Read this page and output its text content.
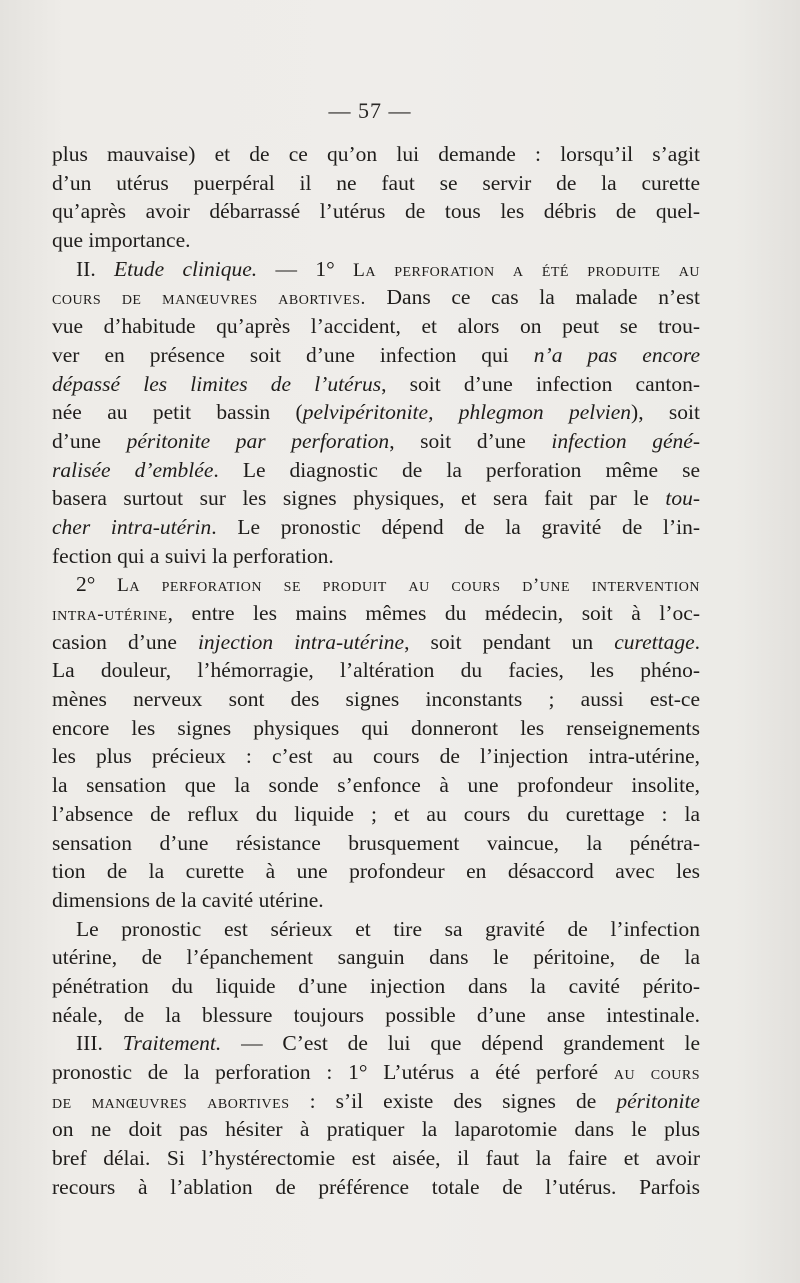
— 57 —
plus mauvaise) et de ce qu’on lui demande : lorsqu’il s’agit
d’un utérus puerpéral il ne faut se servir de la curette
qu’après avoir débarrassé l’utérus de tous les débris de quel-
que importance.
II. Etude clinique. — 1° La perforation a été produite au
cours de manœuvres abortives. Dans ce cas la malade n’est
vue d’habitude qu’après l’accident, et alors on peut se trou-
ver en présence soit d’une infection qui n’a pas encore
dépassé les limites de l’utérus, soit d’une infection canton-
née au petit bassin (pelvipéritonite, phlegmon pelvien), soit
d’une péritonite par perforation, soit d’une infection géné-
ralisée d’emblée. Le diagnostic de la perforation même se
basera surtout sur les signes physiques, et sera fait par le tou-
cher intra-utérin. Le pronostic dépend de la gravité de l’in-
fection qui a suivi la perforation.
2° La perforation se produit au cours d’une intervention
intra-utérine, entre les mains mêmes du médecin, soit à l’oc-
casion d’une injection intra-utérine, soit pendant un curettage.
La douleur, l’hémorragie, l’altération du facies, les phéno-
mènes nerveux sont des signes inconstants ; aussi est-ce
encore les signes physiques qui donneront les renseignements
les plus précieux : c’est au cours de l’injection intra-utérine,
la sensation que la sonde s’enfonce à une profondeur insolite,
l’absence de reflux du liquide ; et au cours du curettage : la
sensation d’une résistance brusquement vaincue, la pénétra-
tion de la curette à une profondeur en désaccord avec les
dimensions de la cavité utérine.
Le pronostic est sérieux et tire sa gravité de l’infection
utérine, de l’épanchement sanguin dans le péritoine, de la
pénétration du liquide d’une injection dans la cavité périto-
néale, de la blessure toujours possible d’une anse intestinale.
III. Traitement. — C’est de lui que dépend grandement le
pronostic de la perforation : 1° L’utérus a été perforé au cours
de manœuvres abortives : s’il existe des signes de péritonite
on ne doit pas hésiter à pratiquer la laparotomie dans le plus
bref délai. Si l’hystérectomie est aisée, il faut la faire et avoir
recours à l’ablation de préférence totale de l’utérus. Parfois
